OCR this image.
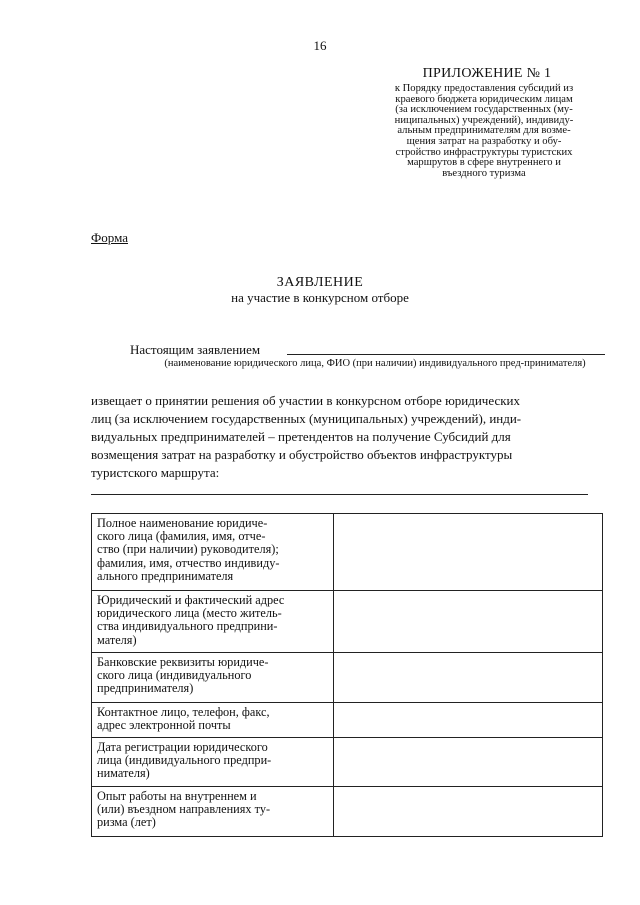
16
ПРИЛОЖЕНИЕ № 1
к Порядку предоставления субсидий из
краевого бюджета юридическим лицам
(за исключением государственных (му-
ниципальных) учреждений), индивиду-
альным предпринимателям для возме-
щения затрат на разработку и обу-
стройство инфраструктуры туристских
маршрутов в сфере внутреннего и
въездного туризма
Форма
ЗАЯВЛЕНИЕ
на участие в конкурсном отборе
Настоящим заявлением
(наименование юридического лица, ФИО (при наличии) индивидуального пред-принимателя)
извещает о принятии решения об участии в конкурсном отборе юридических
лиц (за исключением государственных (муниципальных) учреждений), инди-
видуальных предпринимателей – претендентов на получение Субсидий для
возмещения затрат на разработку и обустройство объектов инфраструктуры
туристского маршрута:
Полное наименование юридиче-
ского лица (фамилия, имя, отче-
ство (при наличии) руководителя);
фамилия, имя, отчество индивиду-
ального предпринимателя	

Юридический и фактический адрес
юридического лица (место житель-
ства индивидуального предприни-
мателя)	

Банковские реквизиты юридиче-
ского лица (индивидуального
предпринимателя)	

Контактное лицо, телефон, факс,
адрес электронной почты	

Дата регистрации юридического
лица (индивидуального предпри-
нимателя)	

Опыт работы на внутреннем и
(или) въездном направлениях ту-
ризма (лет)	
